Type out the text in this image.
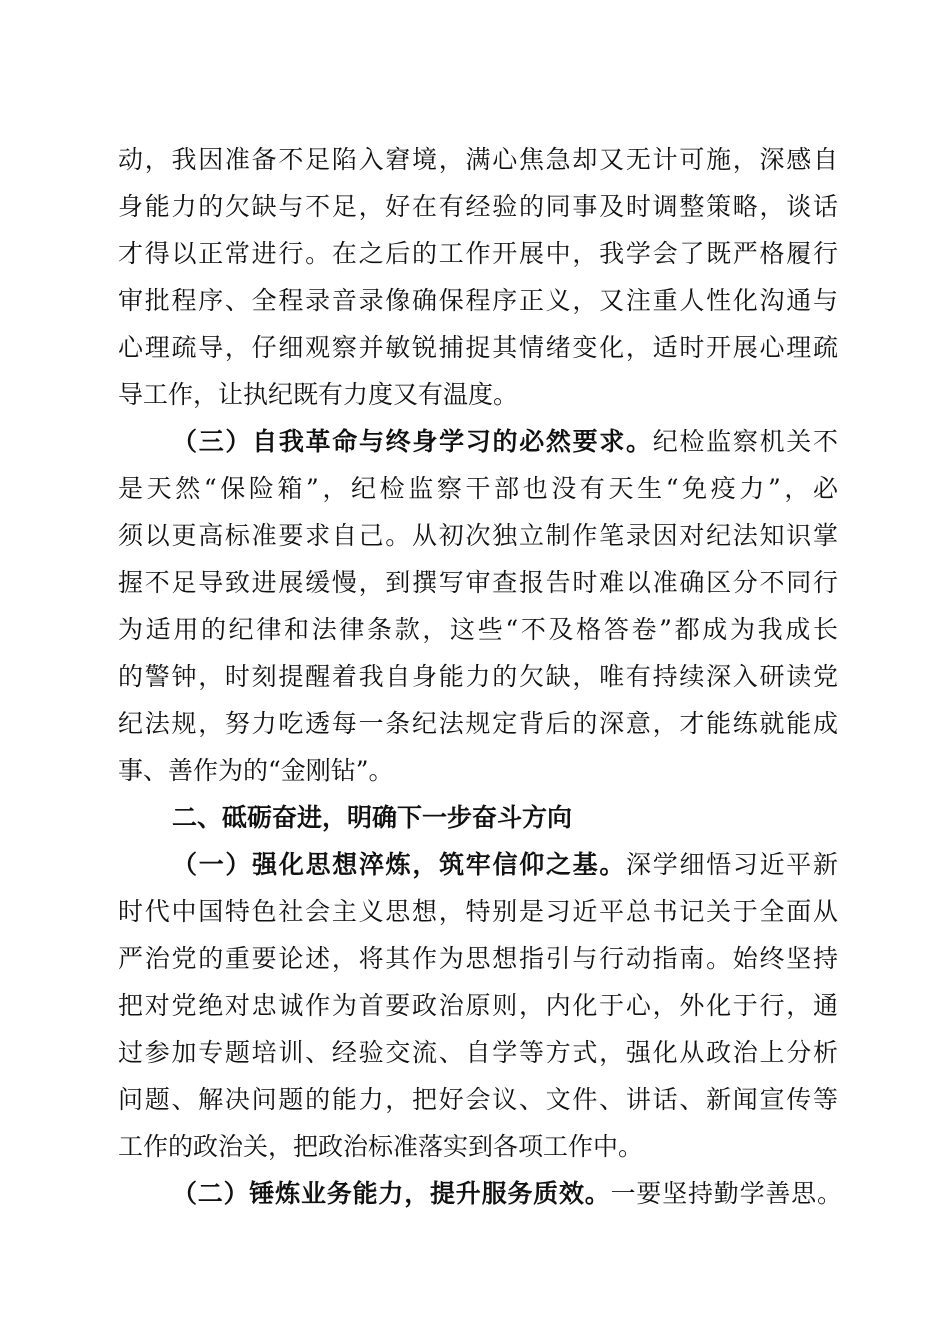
动，我因准备不足陷入窘境，满心焦急却又无计可施，深感自
身能力的欠缺与不足，好在有经验的同事及时调整策略，谈话
才得以正常进行。在之后的工作开展中，我学会了既严格履行
审批程序、全程录音录像确保程序正义，又注重人性化沟通与
心理疏导，仔细观察并敏锐捕捉其情绪变化，适时开展心理疏
导工作，让执纪既有力度又有温度。
（三）自我革命与终身学习的必然要求。纪检监察机关不
是天然“保险箱”，纪检监察干部也没有天生“免疫力”，必
须以更高标准要求自己。从初次独立制作笔录因对纪法知识掌
握不足导致进展缓慢，到撰写审查报告时难以准确区分不同行
为适用的纪律和法律条款，这些“不及格答卷”都成为我成长
的警钟，时刻提醒着我自身能力的欠缺，唯有持续深入研读党
纪法规，努力吃透每一条纪法规定背后的深意，才能练就能成
事、善作为的“金刚钻”。
二、砥砺奋进，明确下一步奋斗方向
（一）强化思想淬炼，筑牢信仰之基。深学细悟习近平新
时代中国特色社会主义思想，特别是习近平总书记关于全面从
严治党的重要论述，将其作为思想指引与行动指南。始终坚持
把对党绝对忠诚作为首要政治原则，内化于心，外化于行，通
过参加专题培训、经验交流、自学等方式，强化从政治上分析
问题、解决问题的能力，把好会议、文件、讲话、新闻宣传等
工作的政治关，把政治标准落实到各项工作中。
（二）锤炼业务能力，提升服务质效。一要坚持勤学善思。
